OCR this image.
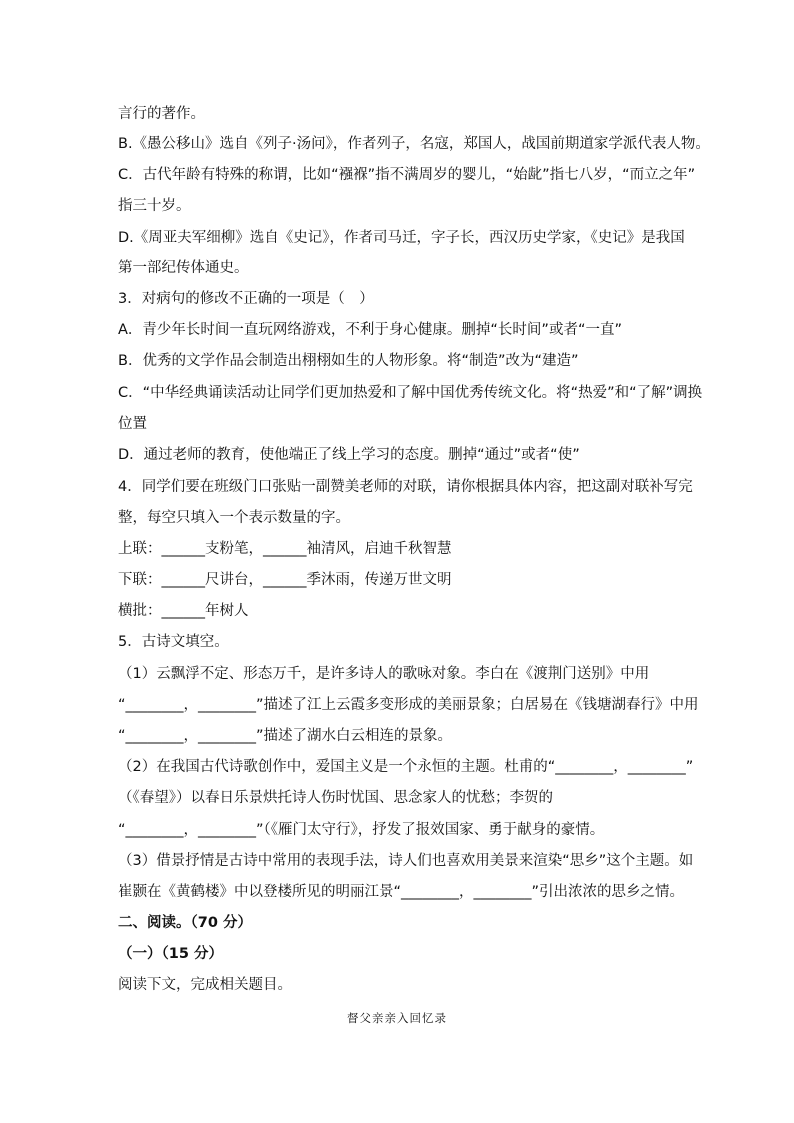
言行的著作。
B.《愚公移山》选自《列子·汤问》，作者列子，名寇，郑国人，战国前期道家学派代表人物。
C．古代年龄有特殊的称谓，比如“襁褓”指不满周岁的婴儿，“始龀”指七八岁，“而立之年”
指三十岁。
D.《周亚夫军细柳》选自《史记》，作者司马迁，字子长，西汉历史学家，《史记》是我国
第一部纪传体通史。
3．对病句的修改不正确的一项是（　）
A．青少年长时间一直玩网络游戏，不利于身心健康。删掉“长时间”或者“一直”
B．优秀的文学作品会制造出栩栩如生的人物形象。将“制造”改为“建造”
C．“中华经典诵读活动让同学们更加热爱和了解中国优秀传统文化。将“热爱”和“了解”调换
位置
D．通过老师的教育，使他端正了线上学习的态度。删掉“通过”或者“使”
4．同学们要在班级门口张贴一副赞美老师的对联，请你根据具体内容，把这副对联补写完
整，每空只填入一个表示数量的字。
上联：______支粉笔，______袖清风，启迪千秋智慧
下联：______尺讲台，______季沐雨，传递万世文明
横批：______年树人
5．古诗文填空。
（1）云飘浮不定、形态万千，是许多诗人的歌咏对象。李白在《渡荆门送别》中用
“________，________”描述了江上云霞多变形成的美丽景象；白居易在《钱塘湖春行》中用
“________，________”描述了湖水白云相连的景象。
（2）在我国古代诗歌创作中，爱国主义是一个永恒的主题。杜甫的“________，________”
（《春望》）以春日乐景烘托诗人伤时忧国、思念家人的忧愁；李贺的
“________，________”（《雁门太守行》，抒发了报效国家、勇于献身的豪情。
（3）借景抒情是古诗中常用的表现手法，诗人们也喜欢用美景来渲染“思乡”这个主题。如
崔颢在《黄鹤楼》中以登楼所见的明丽江景“________，________”引出浓浓的思乡之情。
二、阅读。（70 分）
（一）（15 分）
阅读下文，完成相关题目。
督父亲亲入回忆录
